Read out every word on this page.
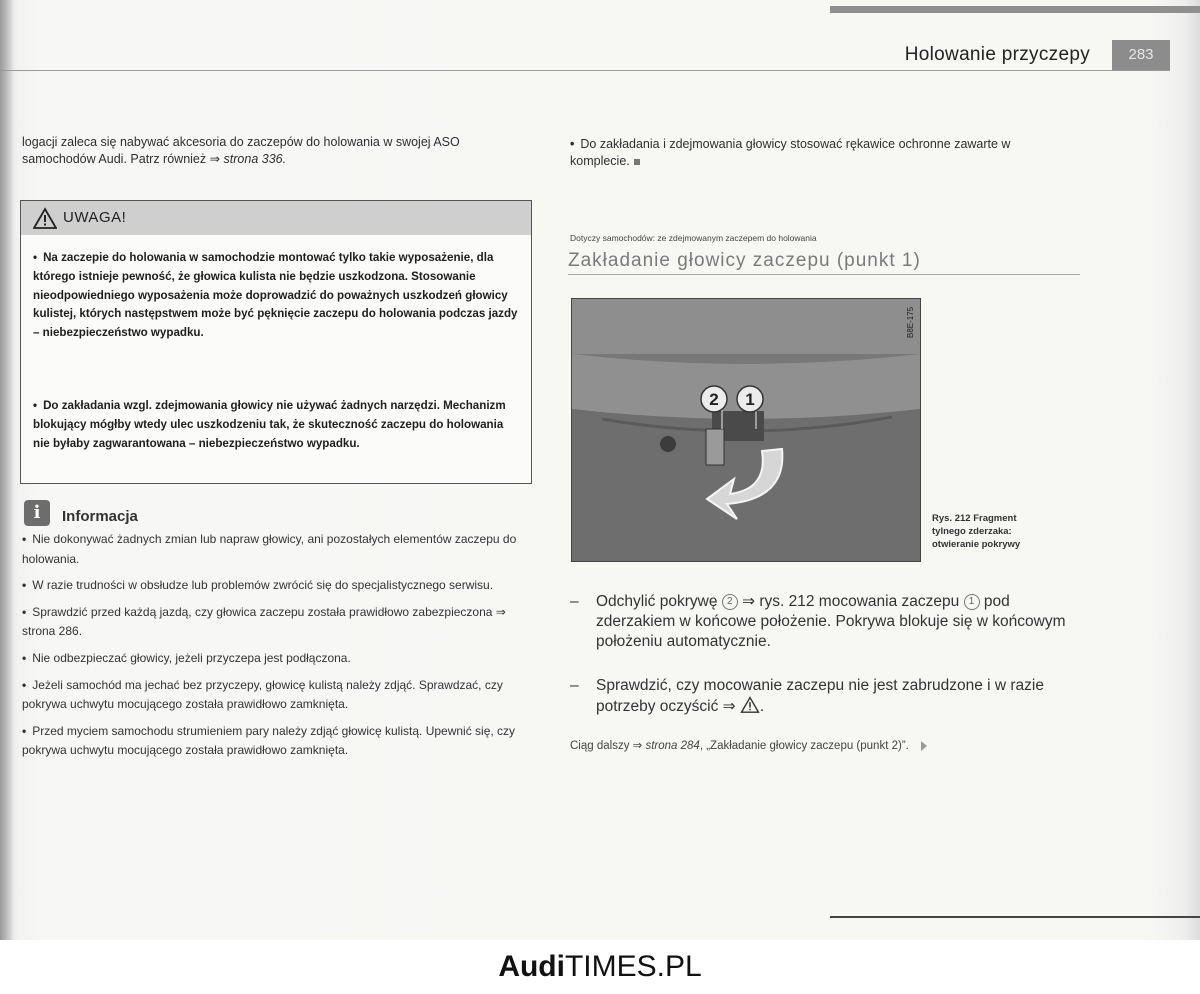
Holowanie przyczepy	283
logacji zaleca się nabywać akcesoria do zaczepów do holowania w swojej ASO samochodów Audi. Patrz również ⇒ strona 336.
UWAGA!
• Na zaczepie do holowania w samochodzie montować tylko takie wyposażenie, dla którego istnieje pewność, że głowica kulista nie będzie uszkodzona. Stosowanie nieodpowiedniego wyposażenia może doprowadzić do poważnych uszkodzeń głowicy kulistej, których następstwem może być pęknięcie zaczepu do holowania podczas jazdy – niebezpieczeństwo wypadku.
• Do zakładania wzgl. zdejmowania głowicy nie używać żadnych narzędzi. Mechanizm blokujący mógłby wtedy ulec uszkodzeniu tak, że skuteczność zaczepu do holowania nie byłaby zagwarantowana – niebezpieczeństwo wypadku.
i	Informacja
• Nie dokonywać żadnych zmian lub napraw głowicy, ani pozostałych elementów zaczepu do holowania.
• W razie trudności w obsłudze lub problemów zwrócić się do specjalistycznego serwisu.
• Sprawdzić przed każdą jazdą, czy głowica zaczepu została prawidłowo zabezpieczona ⇒ strona 286.
• Nie odbezpieczać głowicy, jeżeli przyczepa jest podłączona.
• Jeżeli samochód ma jechać bez przyczepy, głowicę kulistą należy zdjąć. Sprawdzać, czy pokrywa uchwytu mocującego została prawidłowo zamknięta.
• Przed myciem samochodu strumieniem pary należy zdjąć głowicę kulistą. Upewnić się, czy pokrywa uchwytu mocującego została prawidłowo zamknięta.
• Do zakładania i zdejmowania głowicy stosować rękawice ochronne zawarte w komplecie.
Dotyczy samochodów: ze zdejmowanym zaczepem do holowania
Zakładanie głowicy zaczepu (punkt 1)
2 1
B8E-175
Rys. 212 Fragment
tylnego zderzaka:
otwieranie pokrywy
– Odchylić pokrywę 2 ⇒ rys. 212 mocowania zaczepu 1 pod zderzakiem w końcowe położenie. Pokrywa blokuje się w końcowym położeniu automatycznie.
– Sprawdzić, czy mocowanie zaczepu nie jest zabrudzone i w razie potrzeby oczyścić ⇒ .
Ciąg dalszy ⇒ strona 284, „Zakładanie głowicy zaczepu (punkt 2)”.
AudiTIMES.PL
